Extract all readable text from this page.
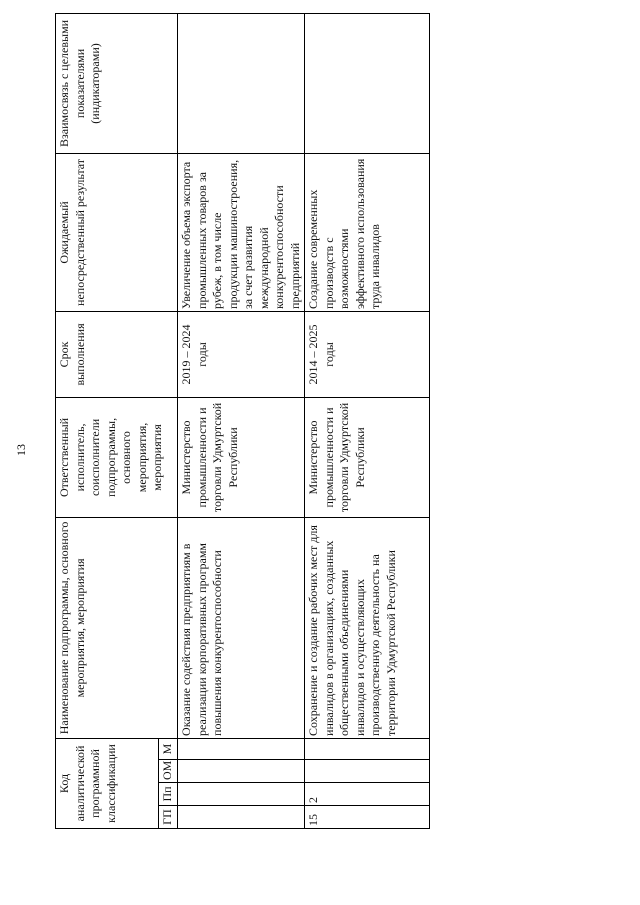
13
Код аналитической программной классификации				Наименование подпрограммы, основного мероприятия, мероприятия	Ответственный исполнитель, соисполнители подпрограммы, основного мероприятия, мероприятия	Срок выполнения	Ожидаемый непосредственный результат	Взаимосвязь с целевыми показателями (индикаторами)
ГП	Пп	ОМ	М					
				Оказание содействия предприятиям в реализации корпоративных программ повышения конкурентоспособности	Министерство промышленности и торговли Удмуртской Республики	2019 – 2024 годы	Увеличение объема экспорта промышленных товаров за рубеж, в том числе продукции машиностроения, за счет развития международной конкурентоспособности предприятий	
15	2			Сохранение и создание рабочих мест для инвалидов в организациях, созданных общественными объединениями инвалидов и осуществляющих производственную деятельность на территории Удмуртской Республики	Министерство промышленности и торговли Удмуртской Республики	2014 – 2025 годы	Создание современных производств с возможностями эффективного использования труда инвалидов	
